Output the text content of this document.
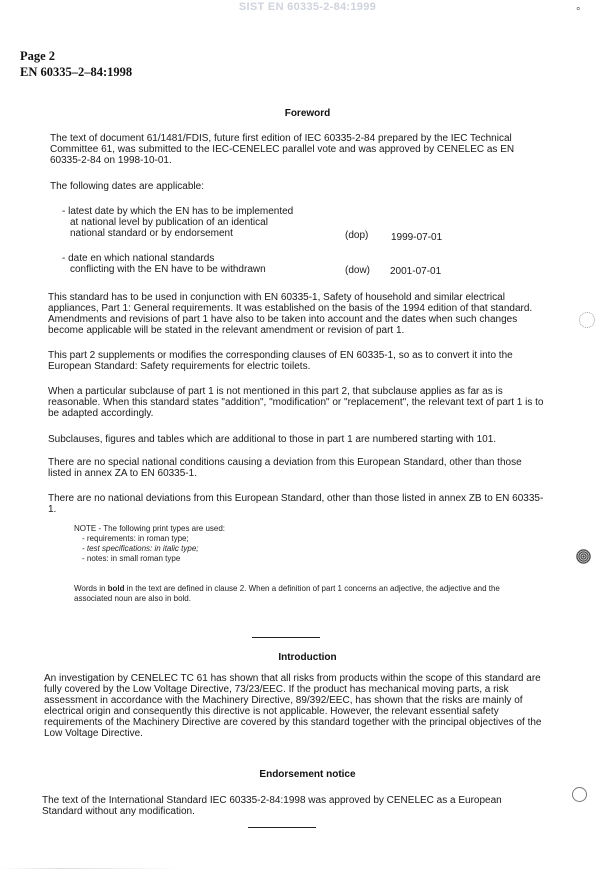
SIST EN 60335-2-84:1999	°
Page 2
EN 60335–2–84:1998
Foreword
The text of document 61/1481/FDIS, future first edition of IEC 60335-2-84 prepared by the IEC Technical Committee 61, was submitted to the IEC-CENELEC parallel vote and was approved by CENELEC as EN 60335-2-84 on 1998-10-01.
The following dates are applicable:
- latest date by which the EN has to be implemented
at national level by publication of an identical
national standard or by endorsement	(dop) 1999-07-01
- date en which national standards
conflicting with the EN have to be withdrawn	(dow) 2001-07-01
This standard has to be used in conjunction with EN 60335-1, Safety of household and similar electrical appliances, Part 1: General requirements. It was established on the basis of the 1994 edition of that standard. Amendments and revisions of part 1 have also to be taken into account and the dates when such changes become applicable will be stated in the relevant amendment or revision of part 1.
This part 2 supplements or modifies the corresponding clauses of EN 60335-1, so as to convert it into the European Standard: Safety requirements for electric toilets.
When a particular subclause of part 1 is not mentioned in this part 2, that subclause applies as far as is reasonable. When this standard states "addition", "modification" or "replacement", the relevant text of part 1 is to be adapted accordingly.
Subclauses, figures and tables which are additional to those in part 1 are numbered starting with 101.
There are no special national conditions causing a deviation from this European Standard, other than those listed in annex ZA to EN 60335-1.
There are no national deviations from this European Standard, other than those listed in annex ZB to EN 60335-1.
NOTE - The following print types are used:
- requirements: in roman type;
- test specifications: in italic type;
- notes: in small roman type
Words in bold in the text are defined in clause 2. When a definition of part 1 concerns an adjective, the adjective and the associated noun are also in bold.
Introduction
An investigation by CENELEC TC 61 has shown that all risks from products within the scope of this standard are fully covered by the Low Voltage Directive, 73/23/EEC. If the product has mechanical moving parts, a risk assessment in accordance with the Machinery Directive, 89/392/EEC, has shown that the risks are mainly of electrical origin and consequently this directive is not applicable. However, the relevant essential safety requirements of the Machinery Directive are covered by this standard together with the principal objectives of the Low Voltage Directive.
Endorsement notice
The text of the International Standard IEC 60335-2-84:1998 was approved by CENELEC as a European Standard without any modification.
